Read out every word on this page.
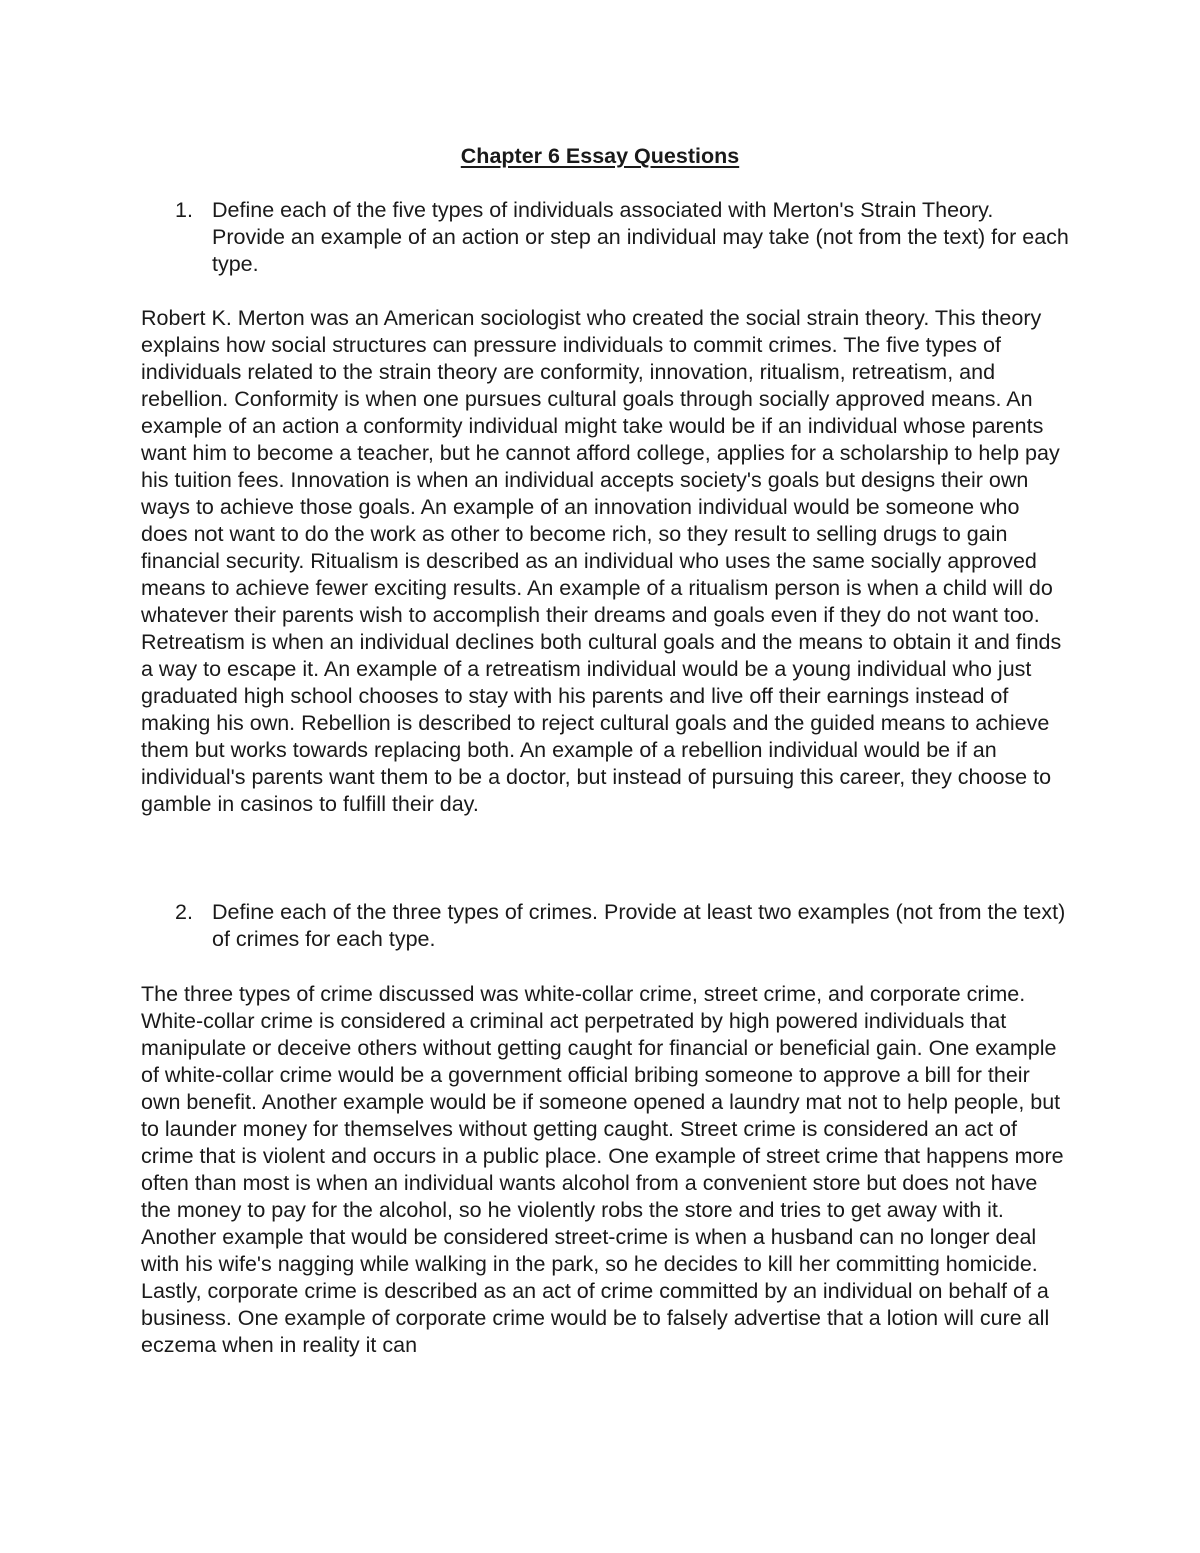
Chapter 6 Essay Questions
1. Define each of the five types of individuals associated with Merton's Strain Theory. Provide an example of an action or step an individual may take (not from the text) for each type.

Robert K. Merton was an American sociologist who created the social strain theory. This theory explains how social structures can pressure individuals to commit crimes. The five types of individuals related to the strain theory are conformity, innovation, ritualism, retreatism, and rebellion. Conformity is when one pursues cultural goals through socially approved means. An example of an action a conformity individual might take would be if an individual whose parents want him to become a teacher, but he cannot afford college, applies for a scholarship to help pay his tuition fees. Innovation is when an individual accepts society's goals but designs their own ways to achieve those goals. An example of an innovation individual would be someone who does not want to do the work as other to become rich, so they result to selling drugs to gain financial security. Ritualism is described as an individual who uses the same socially approved means to achieve fewer exciting results. An example of a ritualism person is when a child will do whatever their parents wish to accomplish their dreams and goals even if they do not want too. Retreatism is when an individual declines both cultural goals and the means to obtain it and finds a way to escape it. An example of a retreatism individual would be a young individual who just graduated high school chooses to stay with his parents and live off their earnings instead of making his own. Rebellion is described to reject cultural goals and the guided means to achieve them but works towards replacing both. An example of a rebellion individual would be if an individual's parents want them to be a doctor, but instead of pursuing this career, they choose to gamble in casinos to fulfill their day.

2. Define each of the three types of crimes. Provide at least two examples (not from the text) of crimes for each type.

The three types of crime discussed was white-collar crime, street crime, and corporate crime. White-collar crime is considered a criminal act perpetrated by high powered individuals that manipulate or deceive others without getting caught for financial or beneficial gain. One example of white-collar crime would be a government official bribing someone to approve a bill for their own benefit. Another example would be if someone opened a laundry mat not to help people, but to launder money for themselves without getting caught. Street crime is considered an act of crime that is violent and occurs in a public place. One example of street crime that happens more often than most is when an individual wants alcohol from a convenient store but does not have the money to pay for the alcohol, so he violently robs the store and tries to get away with it. Another example that would be considered street-crime is when a husband can no longer deal with his wife's nagging while walking in the park, so he decides to kill her committing homicide. Lastly, corporate crime is described as an act of crime committed by an individual on behalf of a business. One example of corporate crime would be to falsely advertise that a lotion will cure all eczema when in reality it can
